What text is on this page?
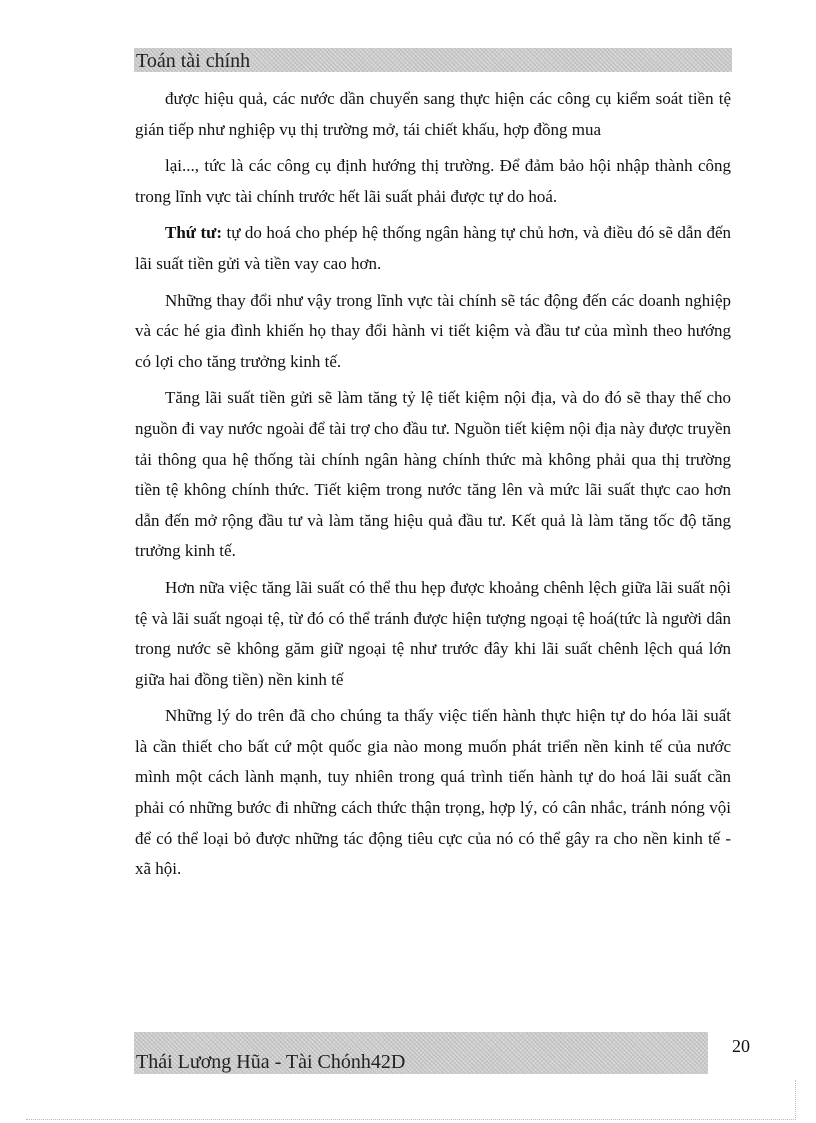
Toán tài chính

được hiệu quả, các nước dần chuyển sang thực hiện các công cụ kiểm soát tiền tệ gián tiếp như nghiệp vụ thị trường mở, tái chiết khấu, hợp đồng mua

lại..., tức là các công cụ định hướng thị trường. Để đảm bảo hội nhập thành công trong lĩnh vực tài chính trước hết lãi suất phải được tự do hoá.

Thứ tư: tự do hoá cho phép hệ thống ngân hàng tự chủ hơn, và điều đó sẽ dẫn đến lãi suất tiền gửi và tiền vay cao hơn.

Những thay đổi như vậy trong lĩnh vực tài chính sẽ tác động đến các doanh nghiệp và các hé gia đình khiến họ thay đổi hành vi tiết kiệm và đầu tư của mình theo hướng có lợi cho tăng trưởng kinh tế.

Tăng lãi suất tiền gửi sẽ làm tăng tỷ lệ tiết kiệm nội địa, và do đó sẽ thay thế cho nguồn đi vay nước ngoài để tài trợ cho đầu tư. Nguồn tiết kiệm nội địa này được truyền tải thông qua hệ thống tài chính ngân hàng chính thức mà không phải qua thị trường tiền tệ không chính thức. Tiết kiệm trong nước tăng lên và mức lãi suất thực cao hơn dẫn đến mở rộng đầu tư và làm tăng hiệu quả đầu tư. Kết quả là làm tăng tốc độ tăng trưởng kinh tế.

Hơn nữa việc tăng lãi suất có thể thu hẹp được khoảng chênh lệch giữa lãi suất nội tệ và lãi suất ngoại tệ, từ đó có thể tránh được hiện tượng ngoại tệ hoá(tức là người dân trong nước sẽ không găm giữ ngoại tệ như trước đây khi lãi suất chênh lệch quá lớn giữa hai đồng tiền) nền kinh tế

Những lý do trên đã cho chúng ta thấy việc tiến hành thực hiện tự do hóa lãi suất là cần thiết cho bất cứ một quốc gia nào mong muốn phát triển nền kinh tế của nước mình một cách lành mạnh, tuy nhiên trong quá trình tiến hành tự do hoá lãi suất cần phải có những bước đi những cách thức thận trọng, hợp lý, có cân nhắc, tránh nóng vội để có thể loại bỏ được những tác động tiêu cực của nó có thể gây ra cho nền kinh tế - xã hội.

20
Thái Lương Hũa - Tài Chónh42D
